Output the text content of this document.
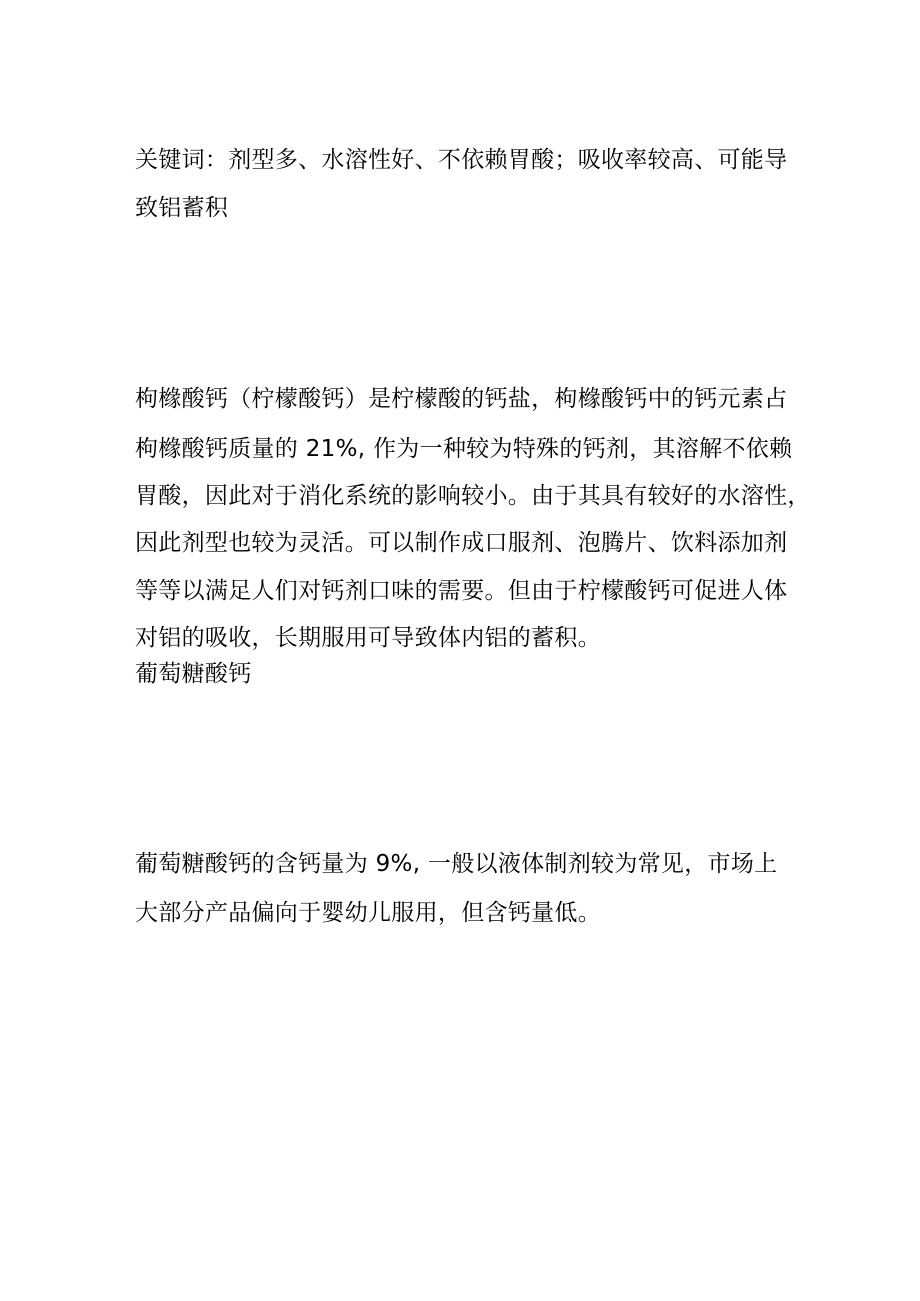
关键词：剂型多、水溶性好、不依赖胃酸；吸收率较高、可能导
致铝蓄积
枸橼酸钙（柠檬酸钙）是柠檬酸的钙盐，枸橼酸钙中的钙元素占
枸橼酸钙质量的 21%, 作为一种较为特殊的钙剂，其溶解不依赖
胃酸，因此对于消化系统的影响较小。由于其具有较好的水溶性，
因此剂型也较为灵活。可以制作成口服剂、泡腾片、饮料添加剂
等等以满足人们对钙剂口味的需要。但由于柠檬酸钙可促进人体
对铝的吸收，长期服用可导致体内铝的蓄积。
葡萄糖酸钙
葡萄糖酸钙的含钙量为 9%, 一般以液体制剂较为常见，市场上
大部分产品偏向于婴幼儿服用，但含钙量低。
